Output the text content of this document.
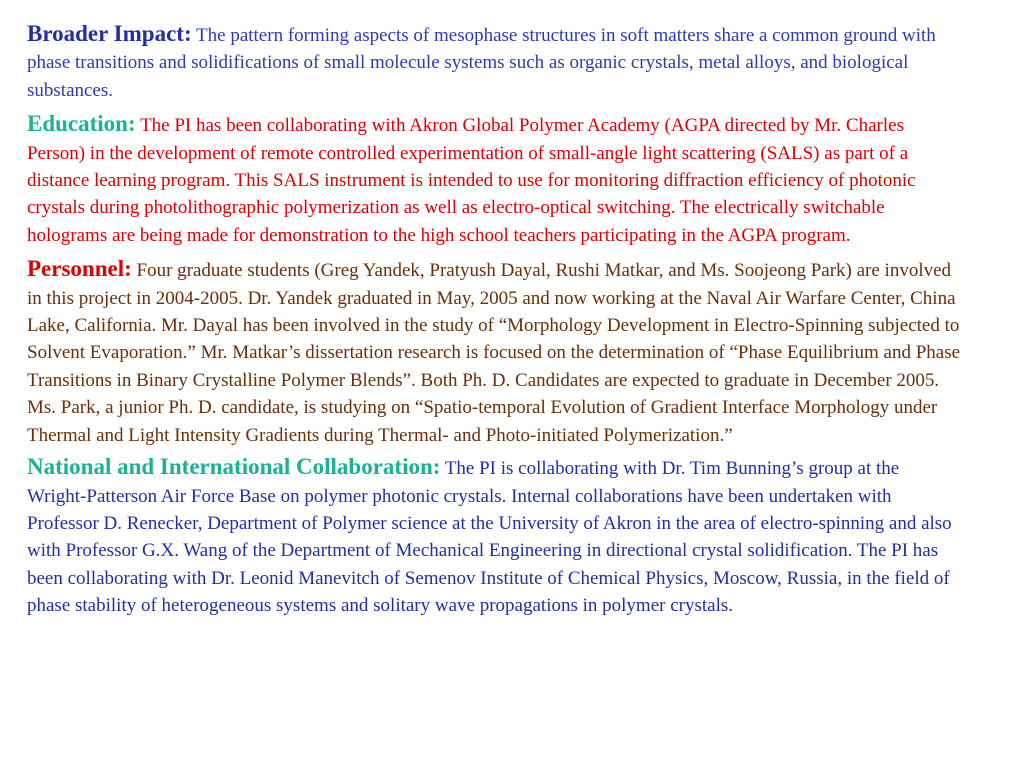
Broader Impact: The pattern forming aspects of mesophase structures in soft matters share a common ground with phase transitions and solidifications of small molecule systems such as organic crystals, metal alloys, and biological substances.

Education: The PI has been collaborating with Akron Global Polymer Academy (AGPA directed by Mr. Charles Person) in the development of remote controlled experimentation of small-angle light scattering (SALS) as part of a distance learning program. This SALS instrument is intended to use for monitoring diffraction efficiency of photonic crystals during photolithographic polymerization as well as electro-optical switching. The electrically switchable holograms are being made for demonstration to the high school teachers participating in the AGPA program.

Personnel: Four graduate students (Greg Yandek, Pratyush Dayal, Rushi Matkar, and Ms. Soojeong Park) are involved in this project in 2004-2005. Dr. Yandek graduated in May, 2005 and now working at the Naval Air Warfare Center, China Lake, California. Mr. Dayal has been involved in the study of “Morphology Development in Electro-Spinning subjected to Solvent Evaporation.” Mr. Matkar’s dissertation research is focused on the determination of “Phase Equilibrium and Phase Transitions in Binary Crystalline Polymer Blends”. Both Ph. D. Candidates are expected to graduate in December 2005. Ms. Park, a junior Ph. D. candidate, is studying on “Spatio-temporal Evolution of Gradient Interface Morphology under Thermal and Light Intensity Gradients during Thermal- and Photo-initiated Polymerization.”

National and International Collaboration: The PI is collaborating with Dr. Tim Bunning’s group at the Wright-Patterson Air Force Base on polymer photonic crystals. Internal collaborations have been undertaken with Professor D. Renecker, Department of Polymer science at the University of Akron in the area of electro-spinning and also with Professor G.X. Wang of the Department of Mechanical Engineering in directional crystal solidification. The PI has been collaborating with Dr. Leonid Manevitch of Semenov Institute of Chemical Physics, Moscow, Russia, in the field of phase stability of heterogeneous systems and solitary wave propagations in polymer crystals.
